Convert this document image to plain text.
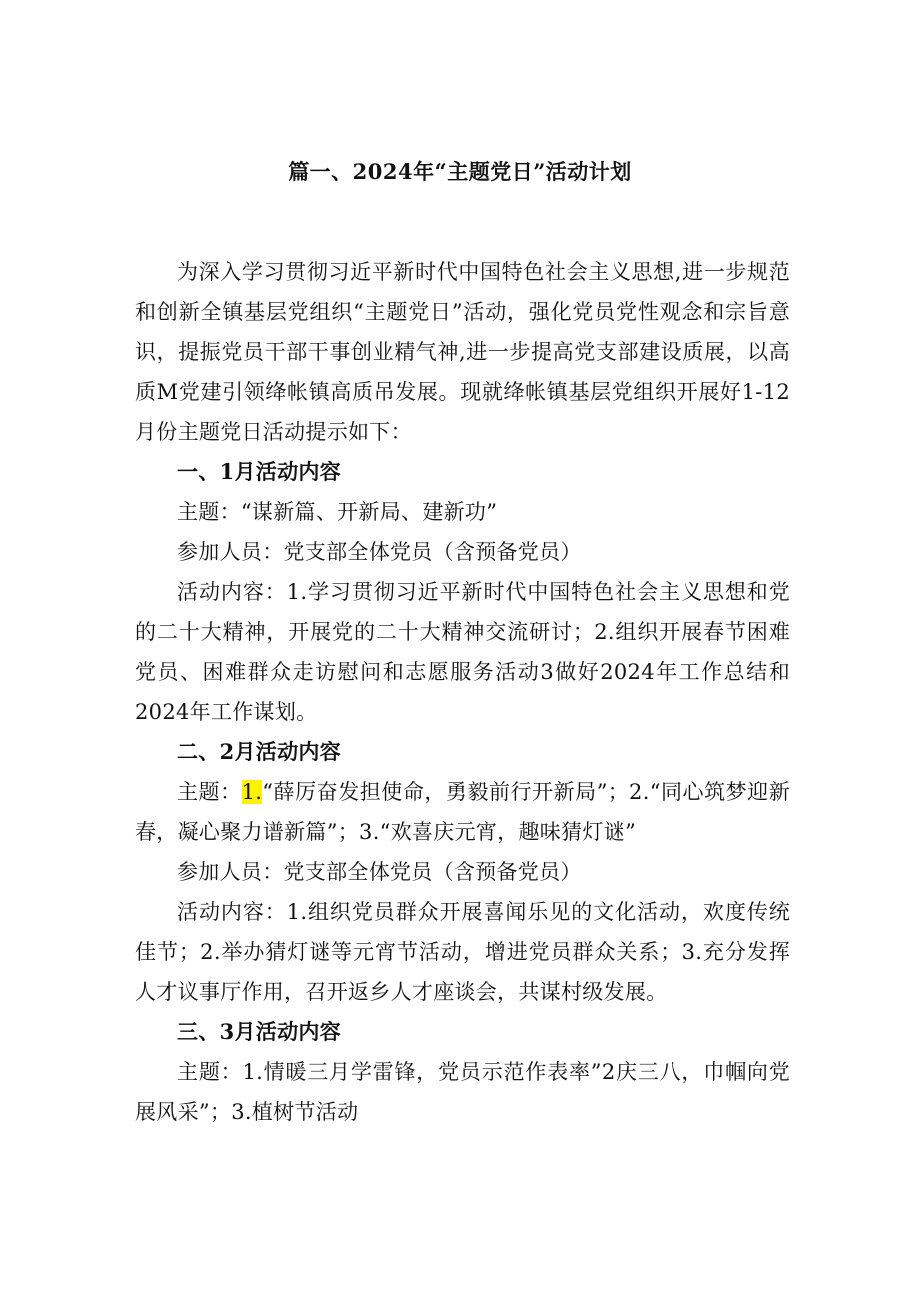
篇一、2024年“主题党日”活动计划

为深入学习贯彻习近平新时代中国特色社会主义思想,进一步规范和创新全镇基层党组织“主题党日”活动，强化党员党性观念和宗旨意识，提振党员干部干事创业精气神,进一步提高党支部建设质展，以高质M党建引领绛帐镇高质吊发展。现就绛帐镇基层党组织开展好1-12月份主题党日活动提示如下：

一、1月活动内容

主题：“谋新篇、开新局、建新功”

参加人员：党支部全体党员（含预备党员）

活动内容：1.学习贯彻习近平新时代中国特色社会主义思想和党的二十大精神，开展党的二十大精神交流研讨；2.组织开展春节困难党员、困难群众走访慰问和志愿服务活动3做好2024年工作总结和2024年工作谋划。

二、2月活动内容

主题：1.“薛厉奋发担使命，勇毅前行开新局”；2.“同心筑梦迎新春，凝心聚力谱新篇”；3.“欢喜庆元宵，趣味猜灯谜”

参加人员：党支部全体党员（含预备党员）

活动内容：1.组织党员群众开展喜闻乐见的文化活动，欢度传统佳节；2.举办猜灯谜等元宵节活动，增进党员群众关系；3.充分发挥人才议事厅作用，召开返乡人才座谈会，共谋村级发展。

三、3月活动内容

主题：1.情暖三月学雷锋，党员示范作表率”2庆三八，巾帼向党展风采”；3.植树节活动
